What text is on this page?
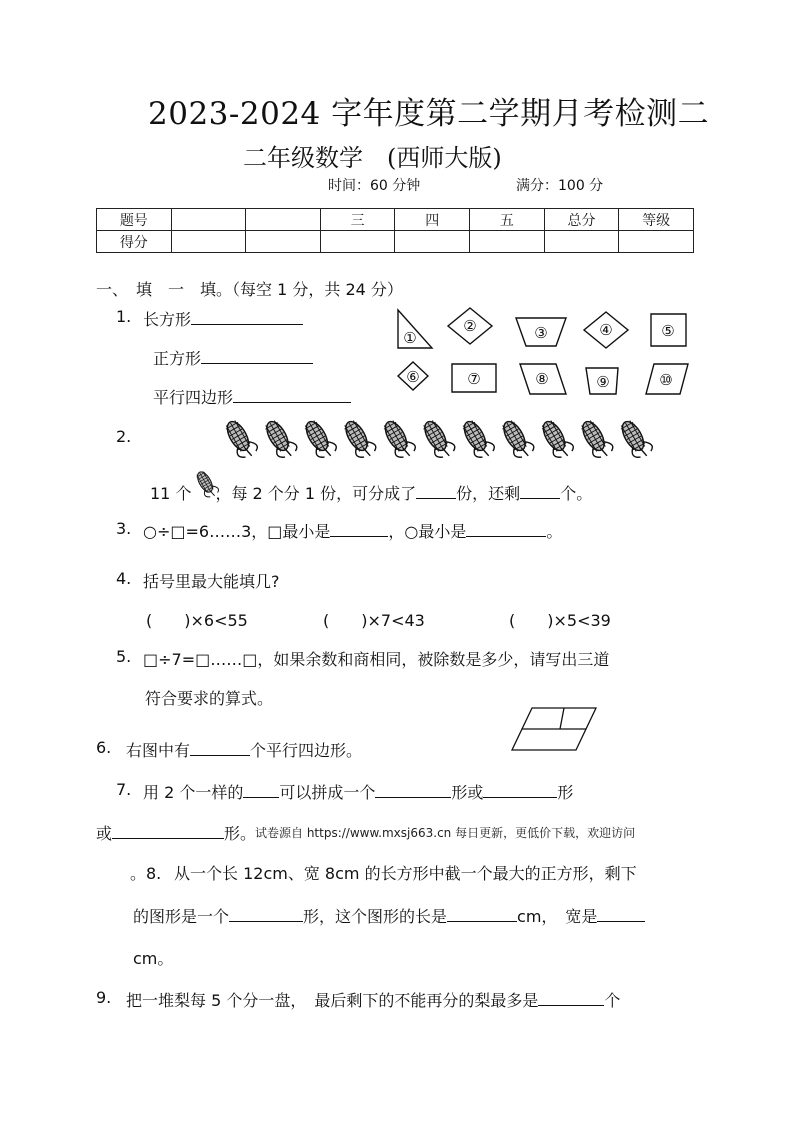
2023-2024 字年度第二学期月考检测二
二年级数学　(西师大版)
时间：60 分钟	满分：100 分
题号			三	四	五	总分	等级
得分							
一、　填　一　填。（每空 1 分，共 24 分）
1. 长方形
正方形
平行四边形
①
②	③	④	⑤
⑥	⑦	⑧	⑨	⑩
2.
11 个 ，每 2 个分 1 份，可分成了	份，还剩	个。
3. ○÷□=6……3，□最小是	，○最小是	。
4. 括号里最大能填几?
(　　)×6<55	(　　)×7<43	(　　)×5<39
5. □÷7=□……□，如果余数和商相同，被除数是多少，请写出三道
符合要求的算式。
6. 右图中有	个平行四边形。
7. 用 2 个一样的 可以拼成一个	形或	形
或	形。
试卷源自 https://www.mxsj663.cn 每日更新，更低价下载，欢迎访问
。8. 从一个长 12cm、宽 8cm 的长方形中截一个最大的正方形，剩下
的图形是一个	形，这个图形的长是	cm，　宽是
cm。
9. 把一堆梨每 5 个分一盘，　最后剩下的不能再分的梨最多是	个
